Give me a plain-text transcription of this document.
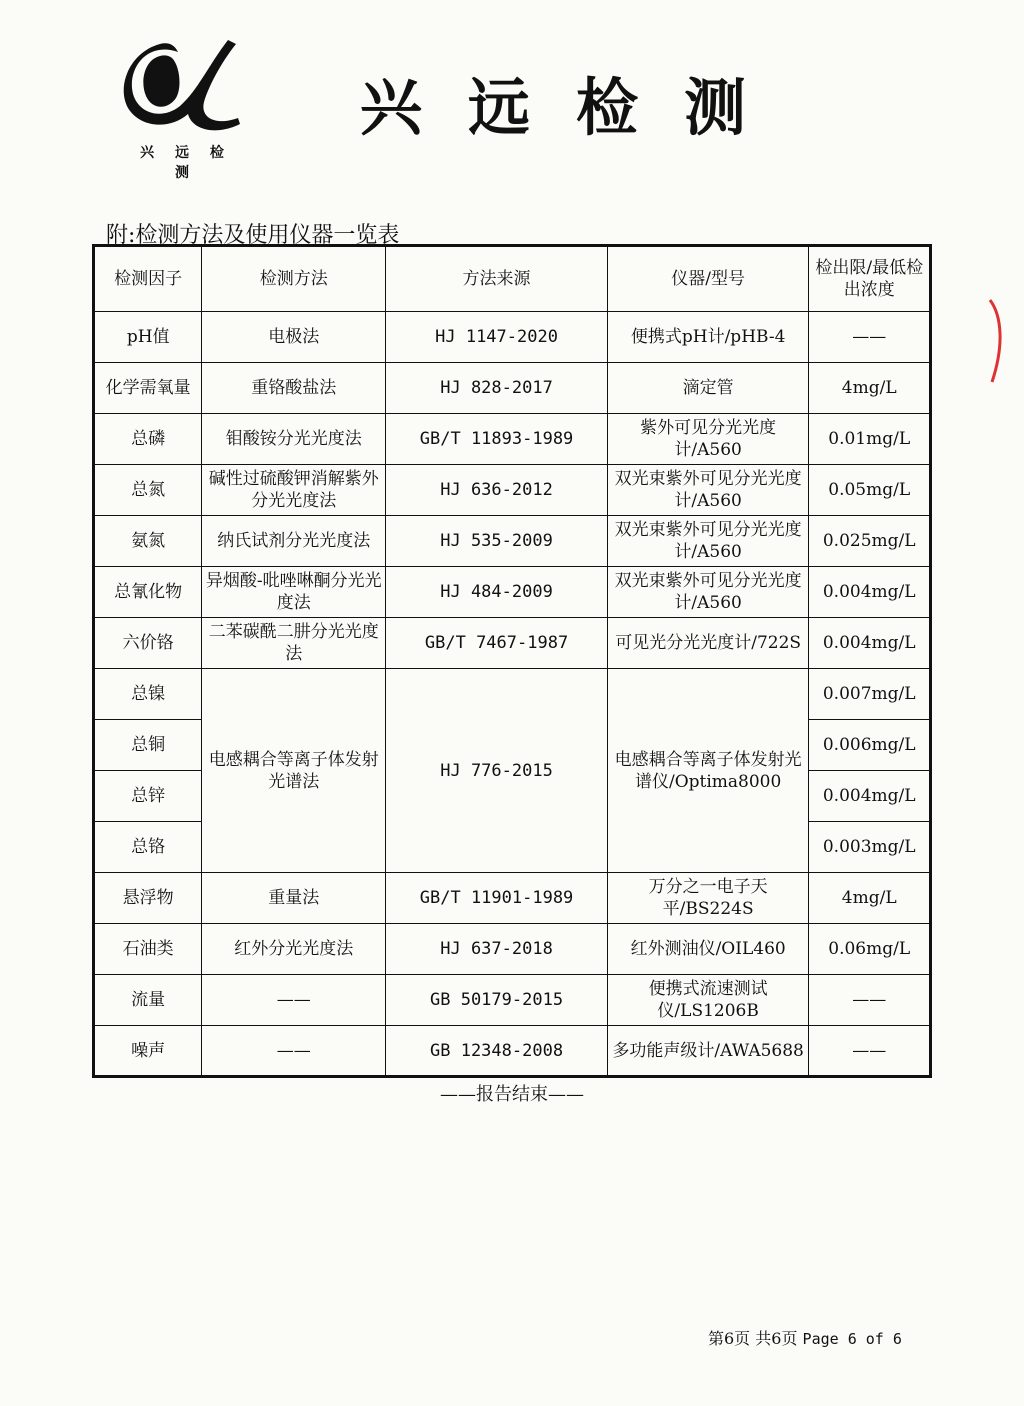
兴 远 检 测
兴远检测
附:检测方法及使用仪器一览表
检测因子	检测方法	方法来源	仪器/型号	检出限/最低检出浓度
pH值	电极法	HJ 1147-2020	便携式pH计/pHB-4	——
化学需氧量	重铬酸盐法	HJ 828-2017	滴定管	4mg/L
总磷	钼酸铵分光光度法	GB/T 11893-1989	紫外可见分光光度计/A560	0.01mg/L
总氮	碱性过硫酸钾消解紫外分光光度法	HJ 636-2012	双光束紫外可见分光光度计/A560	0.05mg/L
氨氮	纳氏试剂分光光度法	HJ 535-2009	双光束紫外可见分光光度计/A560	0.025mg/L
总氰化物	异烟酸-吡唑啉酮分光光度法	HJ 484-2009	双光束紫外可见分光光度计/A560	0.004mg/L
六价铬	二苯碳酰二肼分光光度法	GB/T 7467-1987	可见光分光光度计/722S	0.004mg/L
总镍	电感耦合等离子体发射光谱法	HJ 776-2015	电感耦合等离子体发射光谱仪/Optima8000	0.007mg/L
总铜				0.006mg/L
总锌				0.004mg/L
总铬				0.003mg/L
悬浮物	重量法	GB/T 11901-1989	万分之一电子天平/BS224S	4mg/L
石油类	红外分光光度法	HJ 637-2018	红外测油仪/OIL460	0.06mg/L
流量	——	GB 50179-2015	便携式流速测试仪/LS1206B	——
噪声	——	GB 12348-2008	多功能声级计/AWA5688	——
——报告结束——
第6页 共6页 Page 6 of 6
